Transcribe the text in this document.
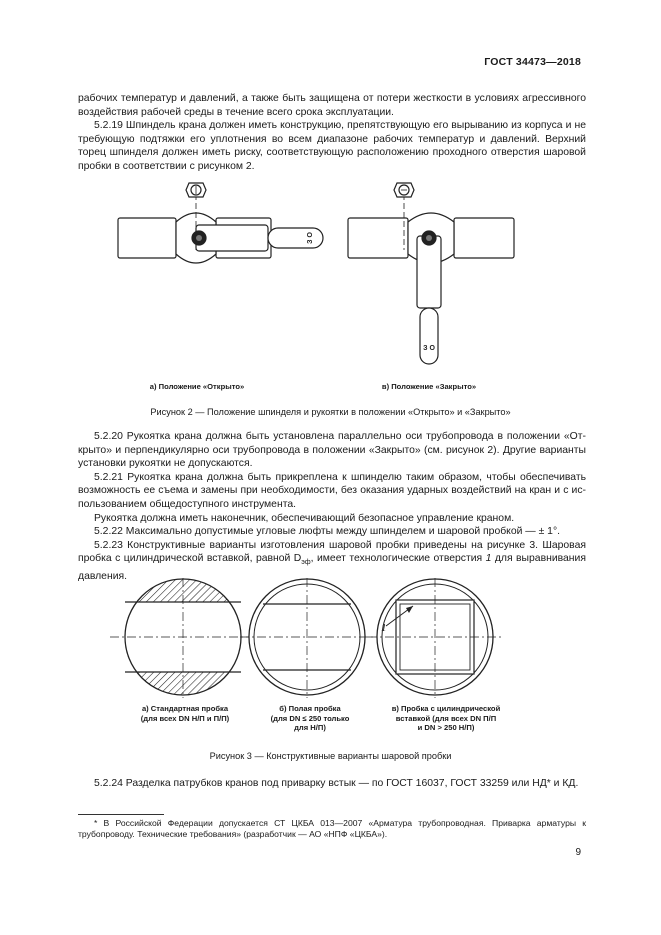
ГОСТ 34473—2018

рабочих температур и давлений, а также быть защищена от потери жесткости в условиях агрессивного воздействия рабочей среды в течение всего срока эксплуатации.

5.2.19 Шпиндель крана должен иметь конструкцию, препятствующую его вырыванию из корпуса и не требующую подтяжки его уплотнения во всем диапазоне рабочих температур и давлений. Верхний торец шпинделя должен иметь риску, соответствующую расположению проходного отверстия шаровой пробки в соответствии с рисунком 2.

З О
З О
а) Положение «Открыто»	в) Положение «Закрыто»
Рисунок 2 — Положение шпинделя и рукоятки в положении «Открыто» и «Закрыто»

5.2.20 Рукоятка крана должна быть установлена параллельно оси трубопровода в положении «Открыто» и перпендикулярно оси трубопровода в положении «Закрыто» (см. рисунок 2). Другие варианты установки рукоятки не допускаются.

5.2.21 Рукоятка крана должна быть прикреплена к шпинделю таким образом, чтобы обеспечивать возможность ее съема и замены при необходимости, без оказания ударных воздействий на кран и с использованием общедоступного инструмента.

Рукоятка должна иметь наконечник, обеспечивающий безопасное управление краном.

5.2.22 Максимально допустимые угловые люфты между шпинделем и шаровой пробкой — ± 1°.

5.2.23 Конструктивные варианты изготовления шаровой пробки приведены на рисунке 3. Шаровая пробка с цилиндрической вставкой, равной $D_{эф}$, имеет технологические отверстия 1 для выравнивания давления.

1
а) Стандартная пробка
(для всех DN Н/П и П/П)
б) Полая пробка
(для DN ≤ 250 только
для Н/П)
в) Пробка с цилиндрической
вставкой (для всех DN П/П
и DN > 250 Н/П)
Рисунок 3 — Конструктивные варианты шаровой пробки

5.2.24 Разделка патрубков кранов под приварку встык — по ГОСТ 16037, ГОСТ 33259 или НД* и КД.

* В Российской Федерации допускается СТ ЦКБА 013—2007 «Арматура трубопроводная. Приварка арматуры к трубопроводу. Технические требования» (разработчик — АО «НПФ «ЦКБА»).
9
